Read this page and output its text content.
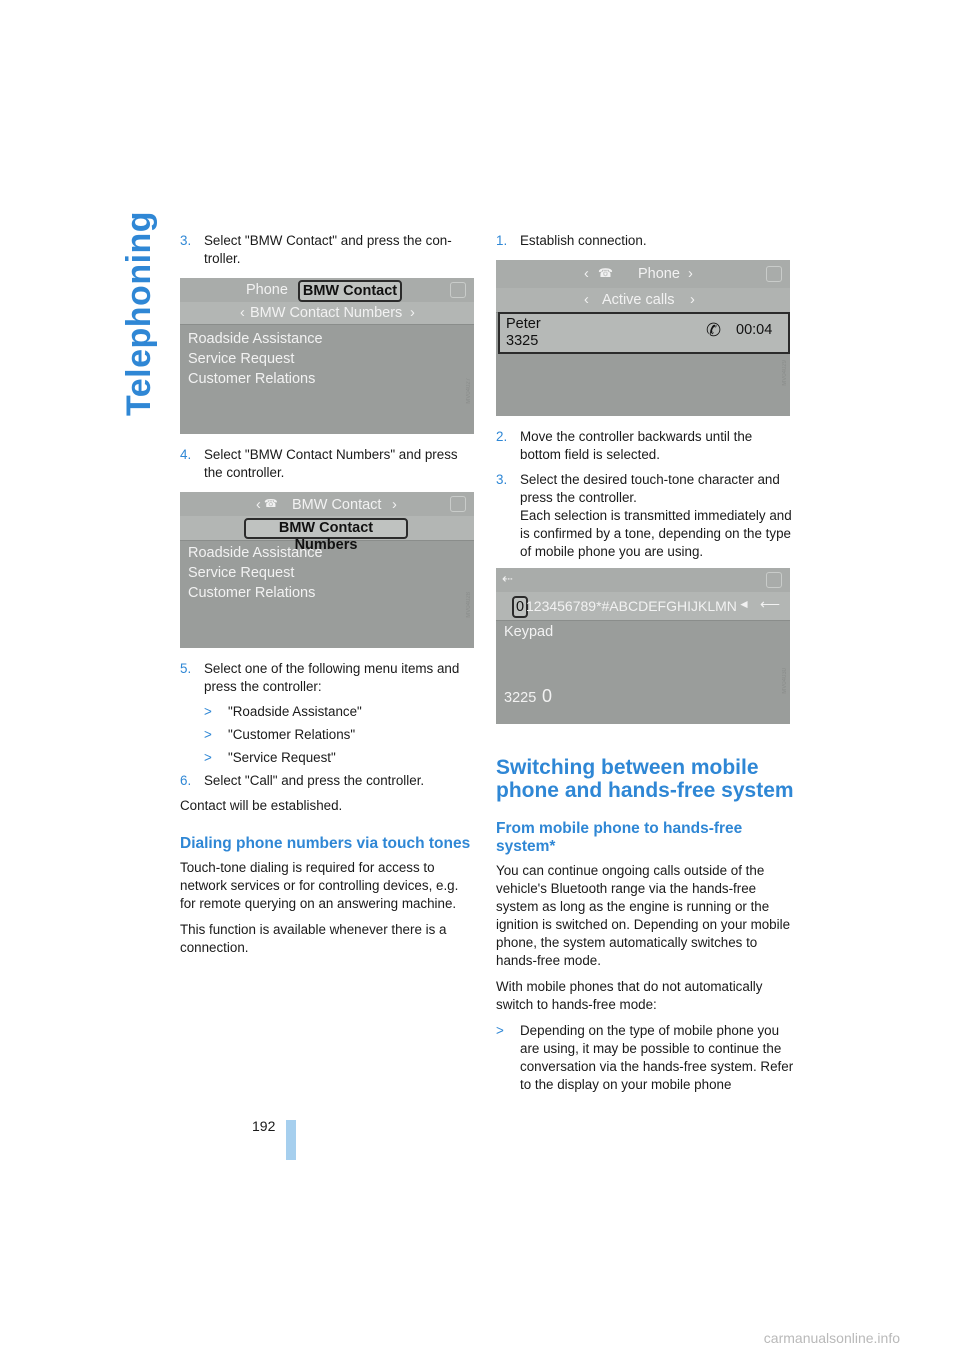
Telephoning 3. Select "BMW Contact" and press the con-troller.
Phone	BMW Contact
‹ BMW Contact Numbers ›
Roadside Assistance
Service Request
Customer Relations	MV04027
4. Select "BMW Contact Numbers" and press the controller.
‹ ☎ BMW Contact ›
BMW Contact Numbers
Roadside Assistance
Service Request
Customer Relations	MV04028
5. Select one of the following menu items and press the controller:
> "Roadside Assistance"
> "Customer Relations"
> "Service Request"
6. Select "Call" and press the controller.

Contact will be established.

Dialing phone numbers via touch tones

Touch-tone dialing is required for access to network services or for controlling devices, e.g. for remote querying on an answering machine.

This function is available whenever there is a connection.

1. Establish connection.
‹ ☎ Phone ›
‹ Active calls ›
Peter
3325
✆ 00:04
MV04029
2. Move the controller backwards until the bottom field is selected.
3. Select the desired touch-tone character and press the controller.
Each selection is transmitted immediately and is confirmed by a tone, depending on the type of mobile phone you are using.
⇠
0 123456789*#ABCDEFGHIJKLMN ◄ ⟵
Keypad
3225 0
MV04030
Switching between mobile phone and hands-free system
From mobile phone to hands-free system*

You can continue ongoing calls outside of the vehicle's Bluetooth range via the hands-free system as long as the engine is running or the ignition is switched on. Depending on your mobile phone, the system automatically switches to hands-free mode.

With mobile phones that do not automatically switch to hands-free mode:

> Depending on the type of mobile phone you are using, it may be possible to continue the conversation via the hands-free system. Refer to the display on your mobile phone
192
carmanualsonline.info
